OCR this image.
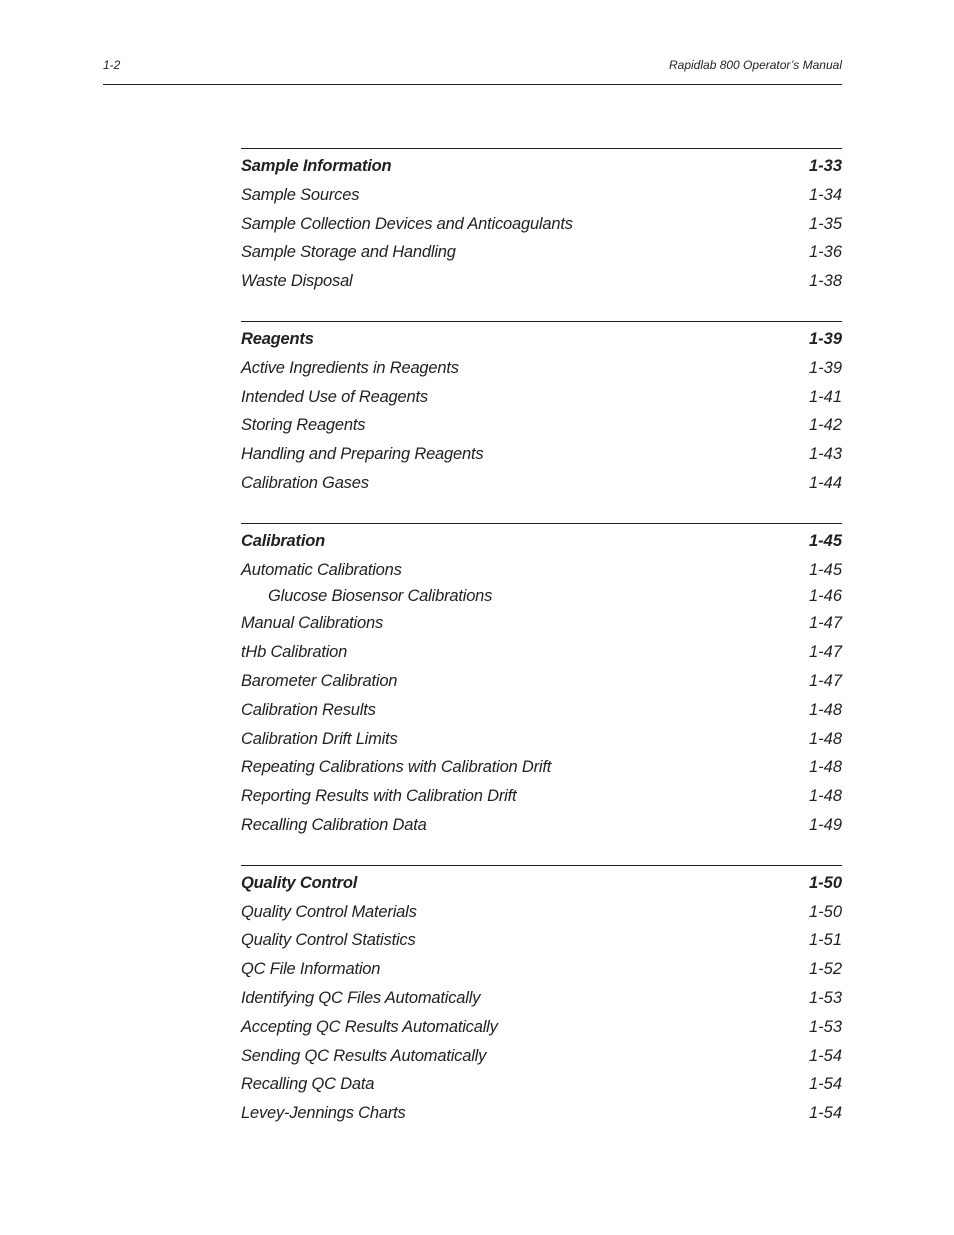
1-2	Rapidlab 800 Operator’s Manual
Sample Information	1-33
Sample Sources	1-34
Sample Collection Devices and Anticoagulants	1-35
Sample Storage and Handling	1-36
Waste Disposal	1-38
Reagents	1-39
Active Ingredients in Reagents	1-39
Intended Use of Reagents	1-41
Storing Reagents	1-42
Handling and Preparing Reagents	1-43
Calibration Gases	1-44
Calibration	1-45
Automatic Calibrations	1-45
Glucose Biosensor Calibrations	1-46
Manual Calibrations	1-47
tHb Calibration	1-47
Barometer Calibration	1-47
Calibration Results	1-48
Calibration Drift Limits	1-48
Repeating Calibrations with Calibration Drift	1-48
Reporting Results with Calibration Drift	1-48
Recalling Calibration Data	1-49
Quality Control	1-50
Quality Control Materials	1-50
Quality Control Statistics	1-51
QC File Information	1-52
Identifying QC Files Automatically	1-53
Accepting QC Results Automatically	1-53
Sending QC Results Automatically	1-54
Recalling QC Data	1-54
Levey-Jennings Charts	1-54
